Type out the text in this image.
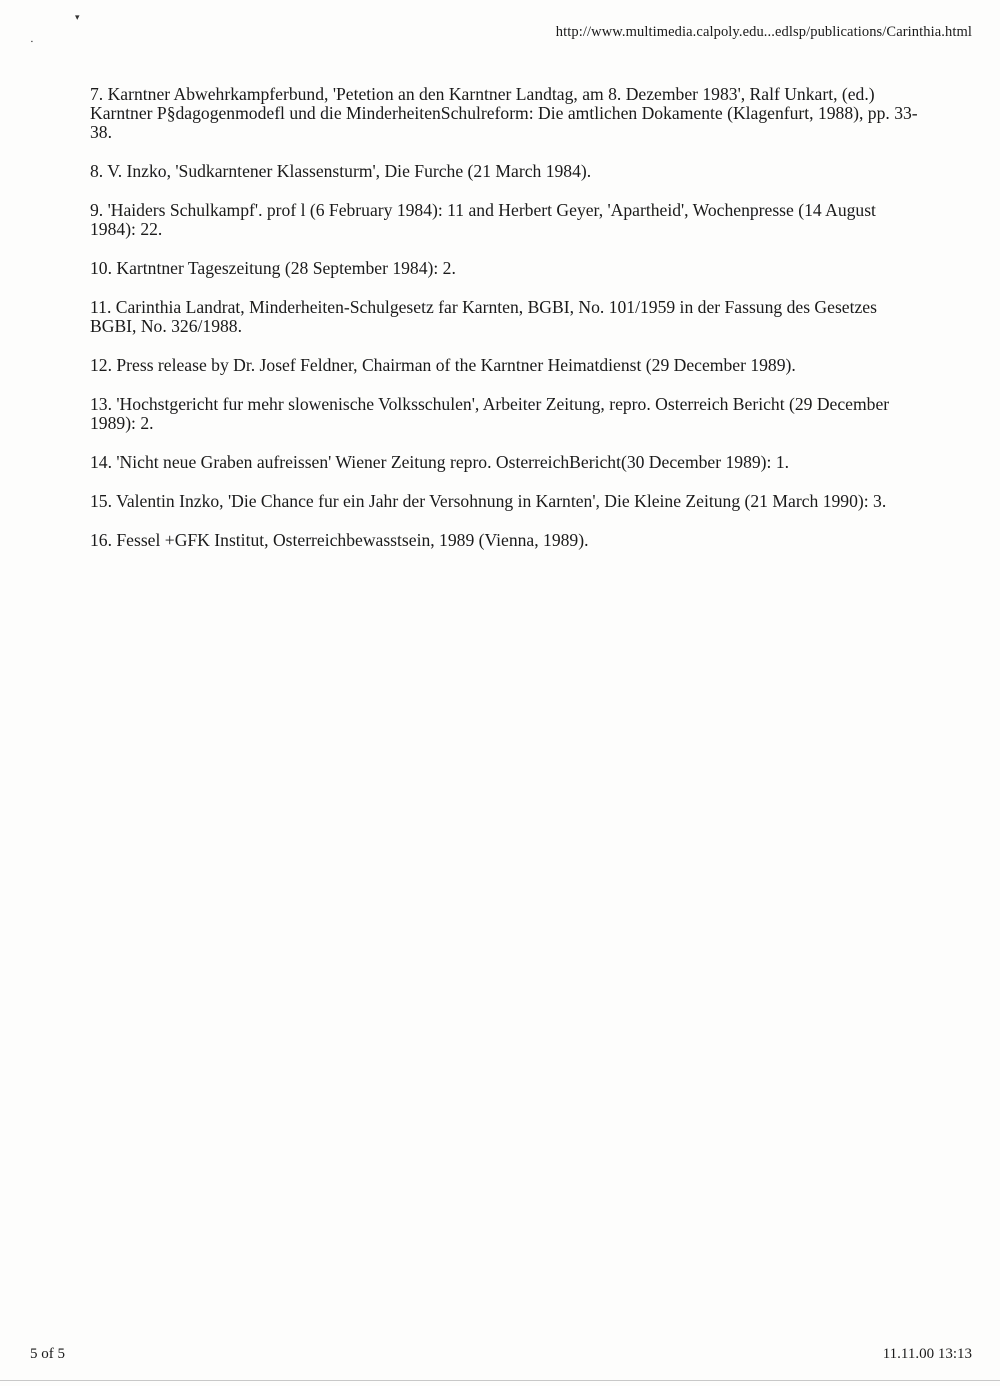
▾
▪
http://www.multimedia.calpoly.edu...edlsp/publications/Carinthia.html
7. Karntner Abwehrkampferbund, 'Petetion an den Karntner Landtag, am 8. Dezember 1983', Ralf Unkart, (ed.) Karntner P§dagogenmodefl und die MinderheitenSchulreform: Die amtlichen Dokamente (Klagenfurt, 1988), pp. 33-38.
8. V. Inzko, 'Sudkarntener Klassensturm', Die Furche (21 March 1984).
9. 'Haiders Schulkampf'. prof l (6 February 1984): 11 and Herbert Geyer, 'Apartheid', Wochenpresse (14 August 1984): 22.
10. Kartntner Tageszeitung (28 September 1984): 2.
11. Carinthia Landrat, Minderheiten-Schulgesetz far Karnten, BGBI, No. 101/1959 in der Fassung des Gesetzes BGBI, No. 326/1988.
12. Press release by Dr. Josef Feldner, Chairman of the Karntner Heimatdienst (29 December 1989).
13. 'Hochstgericht fur mehr slowenische Volksschulen', Arbeiter Zeitung, repro. Osterreich Bericht (29 December 1989): 2.
14. 'Nicht neue Graben aufreissen' Wiener Zeitung repro. OsterreichBericht(30 December 1989): 1.
15. Valentin Inzko, 'Die Chance fur ein Jahr der Versohnung in Karnten', Die Kleine Zeitung (21 March 1990): 3.
16. Fessel +GFK Institut, Osterreichbewasstsein, 1989 (Vienna, 1989).
5 of 5	11.11.00 13:13
